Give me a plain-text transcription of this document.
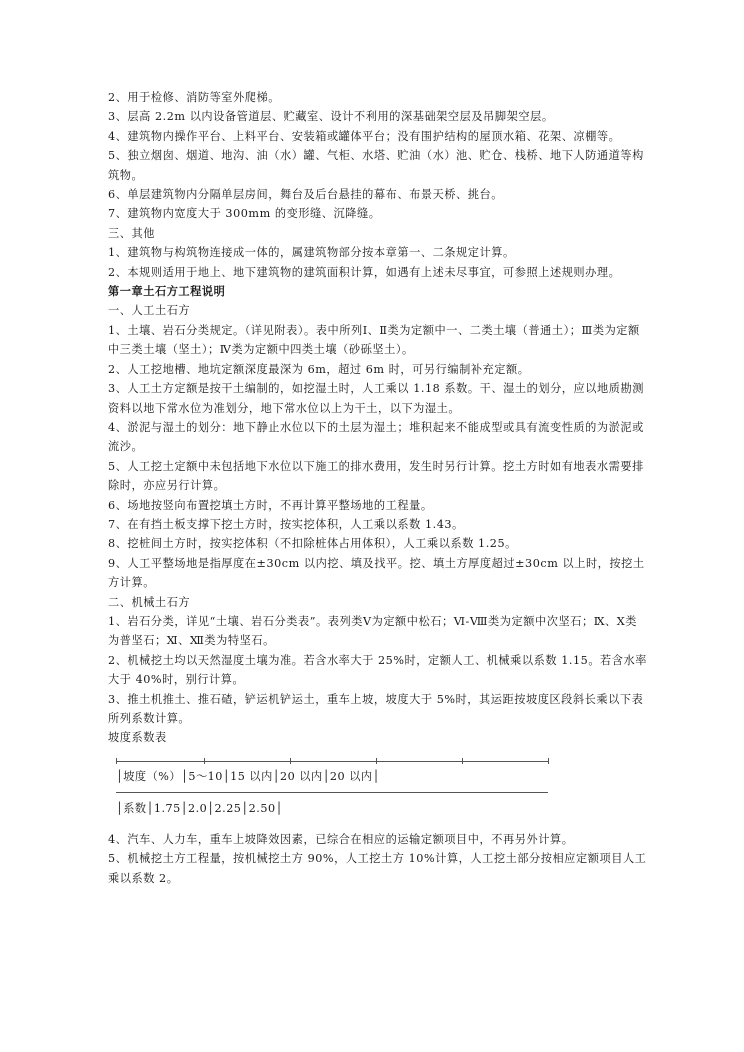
2、用于检修、消防等室外爬梯。

3、层高 2.2m 以内设备管道层、贮藏室、设计不利用的深基础架空层及吊脚架空层。

4、建筑物内操作平台、上料平台、安装箱或罐体平台；没有围护结构的屋顶水箱、花架、凉棚等。

5、独立烟囱、烟道、地沟、油（水）罐、气柜、水塔、贮油（水）池、贮仓、栈桥、地下人防通道等构筑物。

6、单层建筑物内分隔单层房间，舞台及后台悬挂的幕布、布景天桥、挑台。

7、建筑物内宽度大于 300mm 的变形缝、沉降缝。

三、其他

1、建筑物与构筑物连接成一体的，属建筑物部分按本章第一、二条规定计算。

2、本规则适用于地上、地下建筑物的建筑面积计算，如遇有上述未尽事宜，可参照上述规则办理。

第一章土石方工程说明

一、人工土石方

1、土壤、岩石分类规定。（详见附表）。表中所列Ⅰ、Ⅱ类为定额中一、二类土壤（普通土）；Ⅲ类为定额中三类土壤（坚土）；Ⅳ类为定额中四类土壤（砂砾坚土）。

2、人工挖地槽、地坑定额深度最深为 6m，超过 6m 时，可另行编制补充定额。

3、人工土方定额是按干土编制的，如挖湿土时，人工乘以 1.18 系数。干、湿土的划分，应以地质勘测资料以地下常水位为准划分，地下常水位以上为干土，以下为湿土。

4、淤泥与湿土的划分：地下静止水位以下的土层为湿土；堆积起来不能成型或具有流变性质的为淤泥或流沙。

5、人工挖土定额中未包括地下水位以下施工的排水费用，发生时另行计算。挖土方时如有地表水需要排除时，亦应另行计算。

6、场地按竖向布置挖填土方时，不再计算平整场地的工程量。

7、在有挡土板支撑下挖土方时，按实挖体积，人工乘以系数 1.43。

8、挖桩间土方时，按实挖体积（不扣除桩体占用体积），人工乘以系数 1.25。

9、人工平整场地是指厚度在±30cm 以内挖、填及找平。挖、填土方厚度超过±30cm 以上时，按挖土方计算。

二、机械土石方

1、岩石分类，详见“土壤、岩石分类表”。表列类Ⅴ为定额中松石；Ⅵ-Ⅷ类为定额中次坚石；Ⅸ、Ⅹ类为普坚石；Ⅺ、Ⅻ类为特坚石。

2、机械挖土均以天然湿度土壤为准。若含水率大于 25%时，定额人工、机械乘以系数 1.15。若含水率大于 40%时，别行计算。

3、推土机推土、推石碴，铲运机铲运土，重车上坡，坡度大于 5%时，其运距按坡度区段斜长乘以下表所列系数计算。

坡度系数表

│坡度（%）│5～10│15 以内│20 以内│20 以内│
│系数│1.75│2.0│2.25│2.50│

4、汽车、人力车，重车上坡降效因素，已综合在相应的运输定额项目中，不再另外计算。

5、机械挖土方工程量，按机械挖土方 90%，人工挖土方 10%计算，人工挖土部分按相应定额项目人工乘以系数 2。
